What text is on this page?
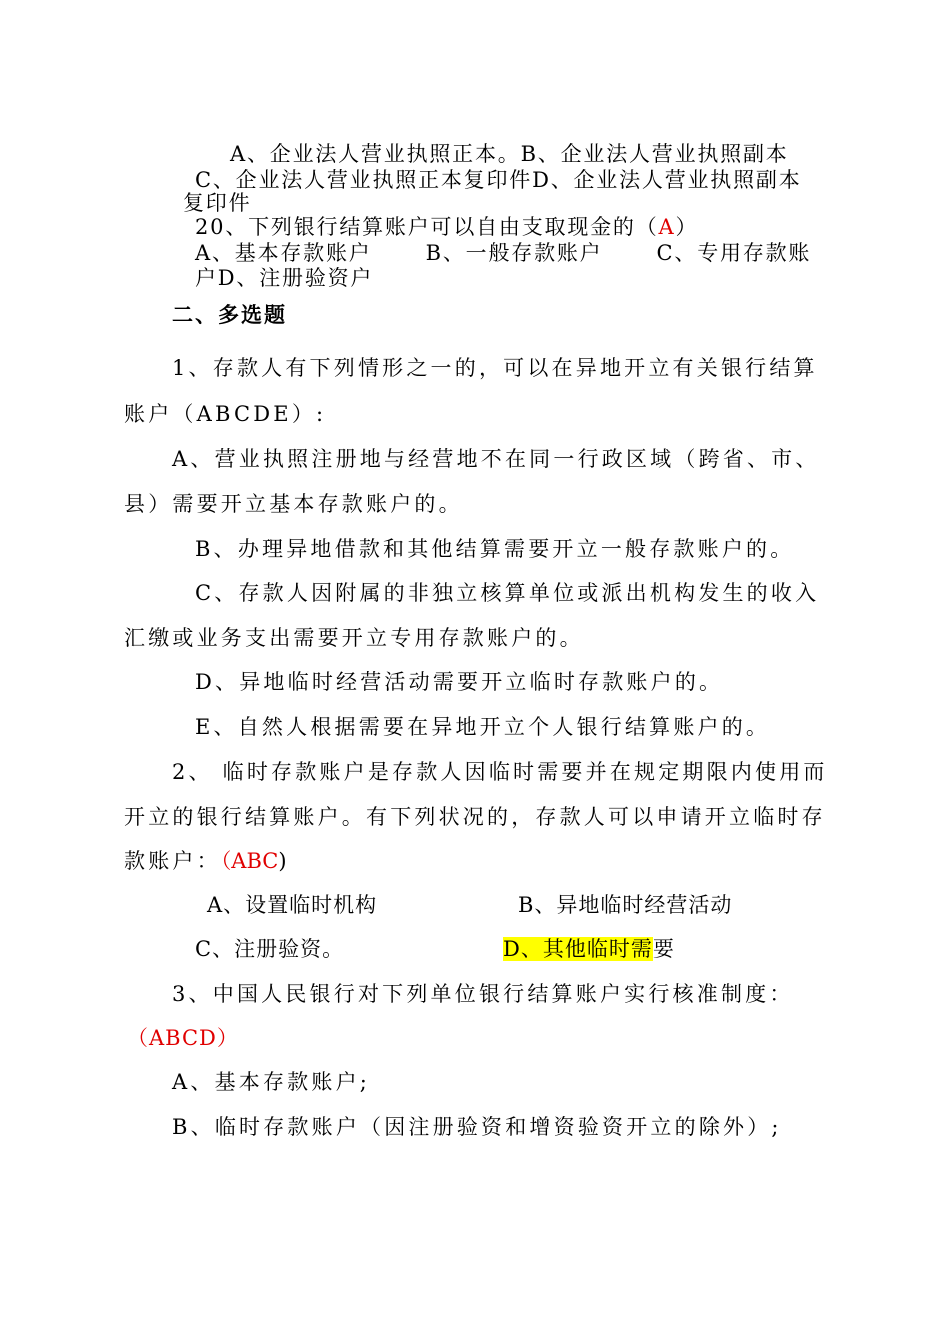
A、企业法人营业执照正本。B、企业法人营业执照副本
C、企业法人营业执照正本复印件D、企业法人营业执照副本
复印件
20、下列银行结算账户可以自由支取现金的（A）
A、基本存款账户　　 B、一般存款账户　　 C、专用存款账
户D、注册验资户
二、多选题
1、存款人有下列情形之一的，可以在异地开立有关银行结算
账户（ABCDE）:
A、营业执照注册地与经营地不在同一行政区域（跨省、市、
县）需要开立基本存款账户的。
B、办理异地借款和其他结算需要开立一般存款账户的。
C、存款人因附属的非独立核算单位或派出机构发生的收入
汇缴或业务支出需要开立专用存款账户的。
D、异地临时经营活动需要开立临时存款账户的。
E、自然人根据需要在异地开立个人银行结算账户的。
2、 临时存款账户是存款人因临时需要并在规定期限内使用而
开立的银行结算账户。有下列状况的，存款人可以申请开立临时存
款账户：（ABC)
A、设置临时机构	B、异地临时经营活动
C、注册验资。	D、其他临时需要
3、中国人民银行对下列单位银行结算账户实行核准制度：
（ABCD）
A、基本存款账户;
B、临时存款账户（因注册验资和增资验资开立的除外）;
